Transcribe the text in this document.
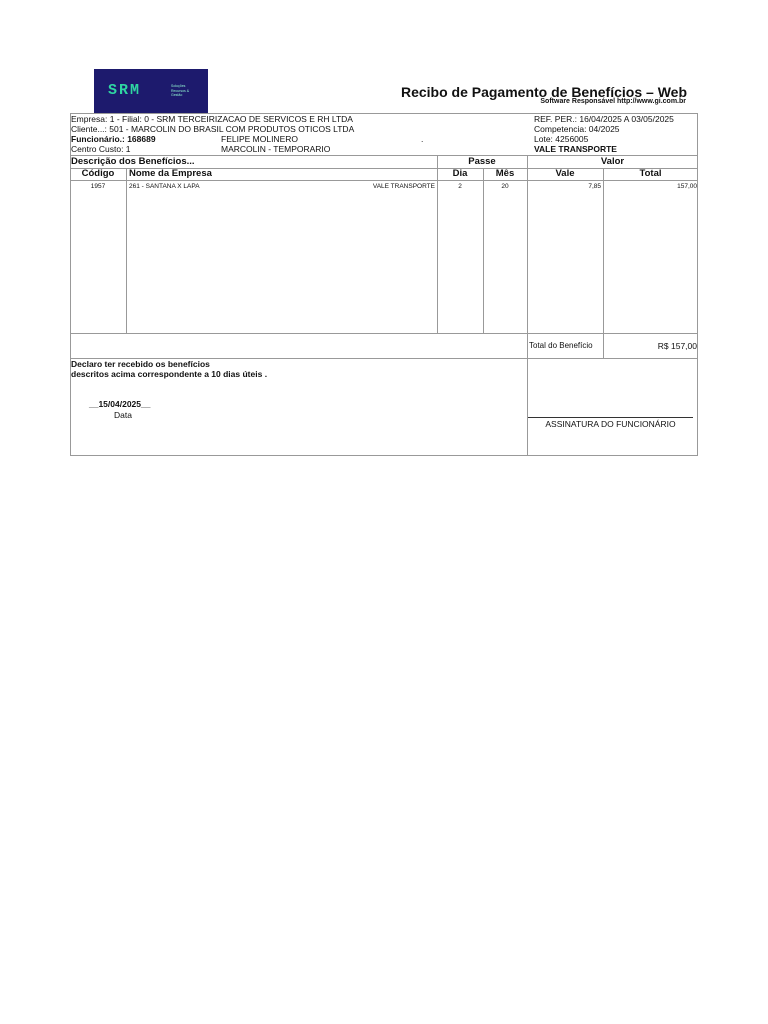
SRM	Soluções Recursos & Gestão	Recibo de Pagamento de Benefícios – Web
Software Responsável http://www.gi.com.br
Empresa: 1 - Filial: 0 - SRM TERCEIRIZACAO DE SERVICOS E RH LTDA
Cliente...: 501 - MARCOLIN DO BRASIL COM PRODUTOS OTICOS LTDA
Funcionário.: 168689	FELIPE MOLINERO	.
Centro Custo: 1	MARCOLIN - TEMPORARIO
REF. PER.: 16/04/2025 A 03/05/2025
Competencia: 04/2025
Lote: 4256005
VALE TRANSPORTE
Descrição dos Benefícios...	Passe	Valor
Código	Nome da Empresa	Dia	Mês	Vale	Total
1957	261 - SANTANA X LAPA	VALE TRANSPORTE	2	20	7,85	157,00
Total do Benefício	R$ 157,00
Declaro ter recebido os benefícios
descritos acima correspondente a 10 dias úteis .
__15/04/2025__
Data
ASSINATURA DO FUNCIONÁRIO
